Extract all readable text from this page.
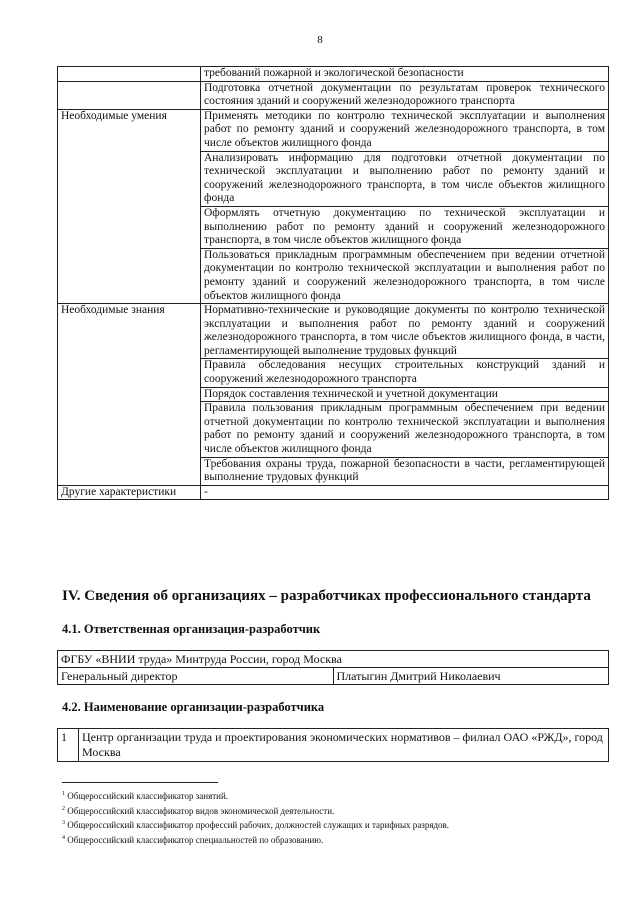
8
	требований пожарной и экологической безопасности
	Подготовка отчетной документации по результатам проверок технического состояния зданий и сооружений железнодорожного транспорта
Необходимые умения	Применять методики по контролю технической эксплуатации и выполнения работ по ремонту зданий и сооружений железнодорожного транспорта, в том числе объектов жилищного фонда
	Анализировать информацию для подготовки отчетной документации по технической эксплуатации и выполнению работ по ремонту зданий и сооружений железнодорожного транспорта, в том числе объектов жилищного фонда
	Оформлять отчетную документацию по технической эксплуатации и выполнению работ по ремонту зданий и сооружений железнодорожного транспорта, в том числе объектов жилищного фонда
	Пользоваться прикладным программным обеспечением при ведении отчетной документации по контролю технической эксплуатации и выполнения работ по ремонту зданий и сооружений железнодорожного транспорта, в том числе объектов жилищного фонда
Необходимые знания	Нормативно-технические и руководящие документы по контролю технической эксплуатации и выполнения работ по ремонту зданий и сооружений железнодорожного транспорта, в том числе объектов жилищного фонда, в части, регламентирующей выполнение трудовых функций
	Правила обследования несущих строительных конструкций зданий и сооружений железнодорожного транспорта
	Порядок составления технической и учетной документации
	Правила пользования прикладным программным обеспечением при ведении отчетной документации по контролю технической эксплуатации и выполнения работ по ремонту зданий и сооружений железнодорожного транспорта, в том числе объектов жилищного фонда
	Требования охраны труда, пожарной безопасности в части, регламентирующей выполнение трудовых функций
Другие характеристики	-
IV. Сведения об организациях – разработчиках профессионального стандарта
4.1. Ответственная организация-разработчик
ФГБУ «ВНИИ труда» Минтруда России, город Москва
Генеральный директор	Платыгин Дмитрий Николаевич
4.2. Наименование организации-разработчика
1	Центр организации труда и проектирования экономических нормативов – филиал ОАО «РЖД», город Москва
$^1$ Общероссийский классификатор занятий.
$^2$ Общероссийский классификатор видов экономической деятельности.
$^3$ Общероссийский классификатор профессий рабочих, должностей служащих и тарифных разрядов.
$^4$ Общероссийский классификатор специальностей по образованию.
